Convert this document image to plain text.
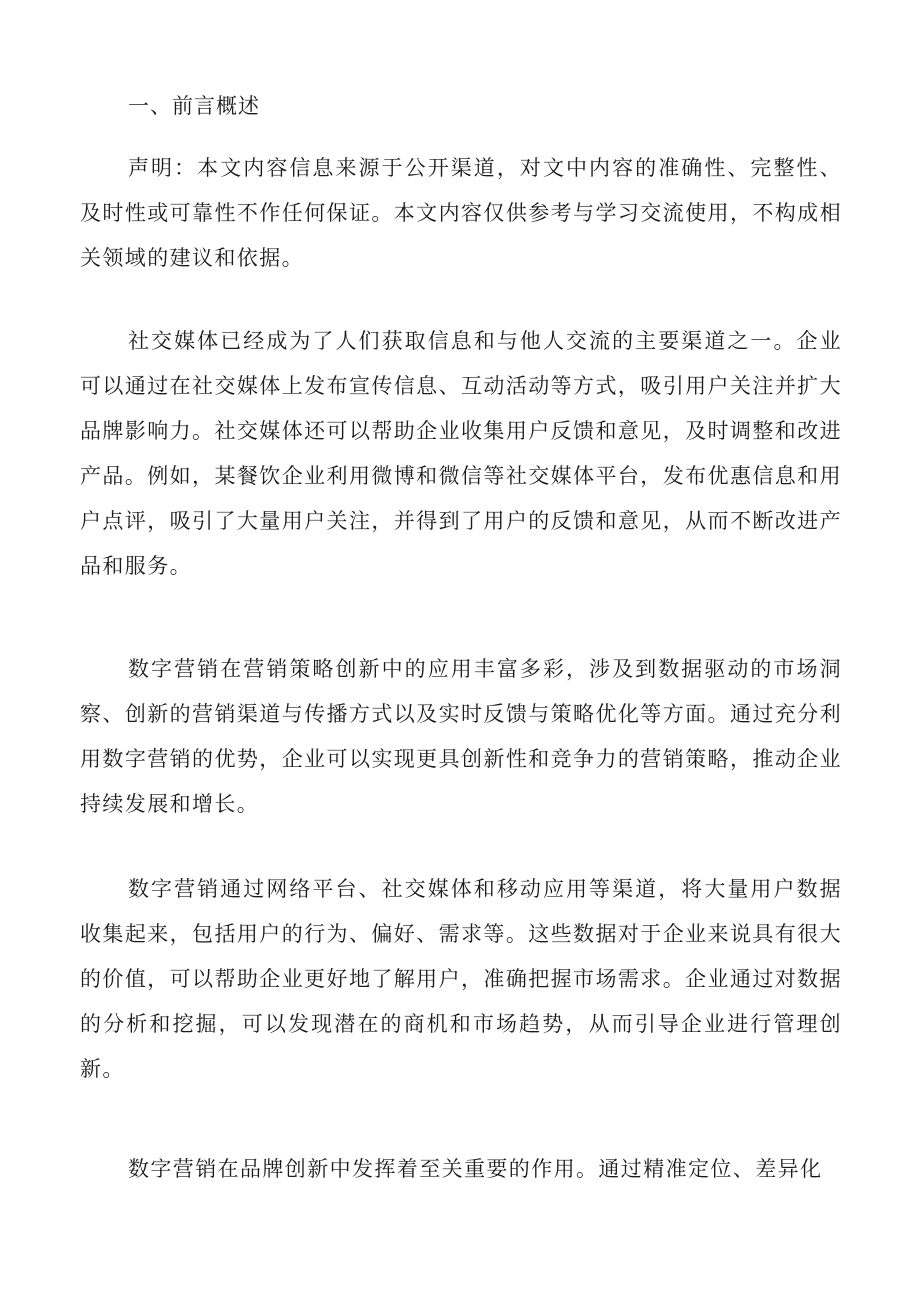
一、前言概述

声明：本文内容信息来源于公开渠道，对文中内容的准确性、完整性、及时性或可靠性不作任何保证。本文内容仅供参考与学习交流使用，不构成相关领域的建议和依据。

社交媒体已经成为了人们获取信息和与他人交流的主要渠道之一。企业可以通过在社交媒体上发布宣传信息、互动活动等方式，吸引用户关注并扩大品牌影响力。社交媒体还可以帮助企业收集用户反馈和意见，及时调整和改进产品。例如，某餐饮企业利用微博和微信等社交媒体平台，发布优惠信息和用户点评，吸引了大量用户关注，并得到了用户的反馈和意见，从而不断改进产品和服务。

数字营销在营销策略创新中的应用丰富多彩，涉及到数据驱动的市场洞察、创新的营销渠道与传播方式以及实时反馈与策略优化等方面。通过充分利用数字营销的优势，企业可以实现更具创新性和竞争力的营销策略，推动企业持续发展和增长。

数字营销通过网络平台、社交媒体和移动应用等渠道，将大量用户数据收集起来，包括用户的行为、偏好、需求等。这些数据对于企业来说具有很大的价值，可以帮助企业更好地了解用户，准确把握市场需求。企业通过对数据的分析和挖掘，可以发现潜在的商机和市场趋势，从而引导企业进行管理创新。

数字营销在品牌创新中发挥着至关重要的作用。通过精准定位、差异化
